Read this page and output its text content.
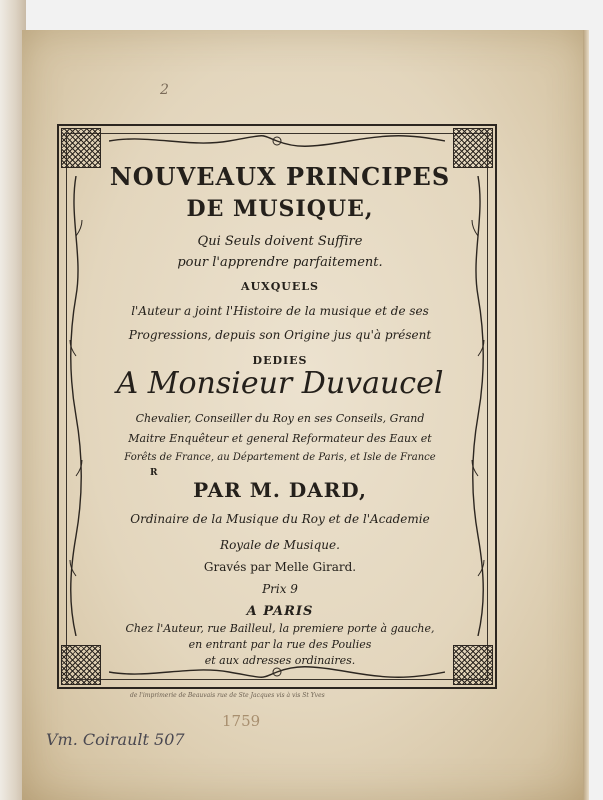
2
NOUVEAUX PRINCIPES
DE MUSIQUE,
Qui Seuls doivent Suffire
pour l'apprendre parfaitement.
AUXQUELS
l'Auteur a joint l'Histoire de la musique et de ses
Progressions, depuis son Origine jus qu'à présent
DEDIES
A Monsieur Duvaucel
Chevalier, Conseiller du Roy en ses Conseils, Grand
Maitre Enquêteur et general Reformateur des Eaux et
Forêts de France, au Département de Paris, et Isle de France
R
PAR M. DARD,
Ordinaire de la Musique du Roy et de l'Academie
Royale de Musique.
Gravés par Melle Girard.
Prix 9
A PARIS
Chez l'Auteur, rue Bailleul, la premiere porte à gauche,
en entrant par la rue des Poulies
et aux adresses ordinaires.
de l'imprimerie de Beauvais rue de Ste Jacques vis à vis St Yves
1759
Vm. Coirault 507
